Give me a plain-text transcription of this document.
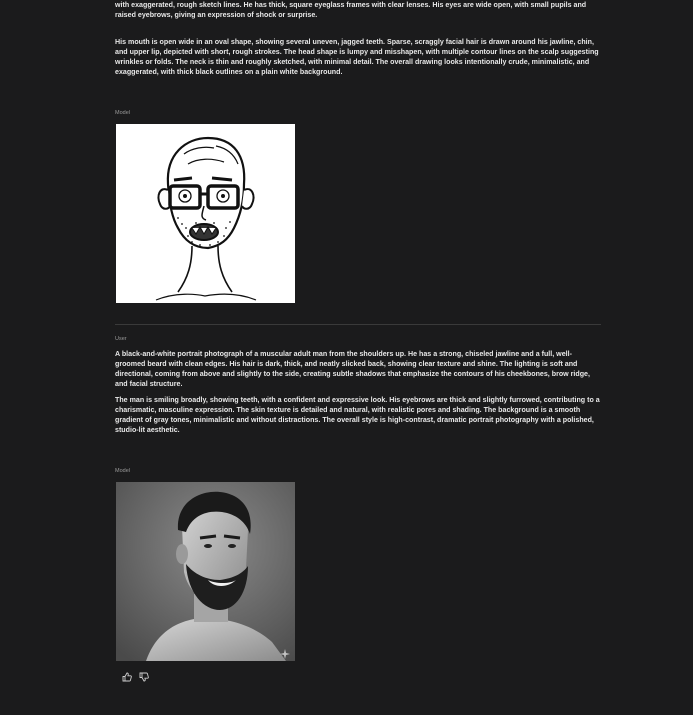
with exaggerated, rough sketch lines. He has thick, square eyeglass frames with clear lenses. His eyes are wide open, with small pupils and raised eyebrows, giving an expression of shock or surprise.

His mouth is open wide in an oval shape, showing several uneven, jagged teeth. Sparse, scraggly facial hair is drawn around his jawline, chin, and upper lip, depicted with short, rough strokes. The head shape is lumpy and misshapen, with multiple contour lines on the scalp suggesting wrinkles or folds. The neck is thin and roughly sketched, with minimal detail. The overall drawing looks intentionally crude, minimalistic, and exaggerated, with thick black outlines on a plain white background.

Model
User

A black-and-white portrait photograph of a muscular adult man from the shoulders up. He has a strong, chiseled jawline and a full, well-groomed beard with clean edges. His hair is dark, thick, and neatly slicked back, showing clear texture and shine. The lighting is soft and directional, coming from above and slightly to the side, creating subtle shadows that emphasize the contours of his cheekbones, brow ridge, and facial structure.

The man is smiling broadly, showing teeth, with a confident and expressive look. His eyebrows are thick and slightly furrowed, contributing to a charismatic, masculine expression. The skin texture is detailed and natural, with realistic pores and shading. The background is a smooth gradient of gray tones, minimalistic and without distractions. The overall style is high-contrast, dramatic portrait photography with a polished, studio-lit aesthetic.

Model
